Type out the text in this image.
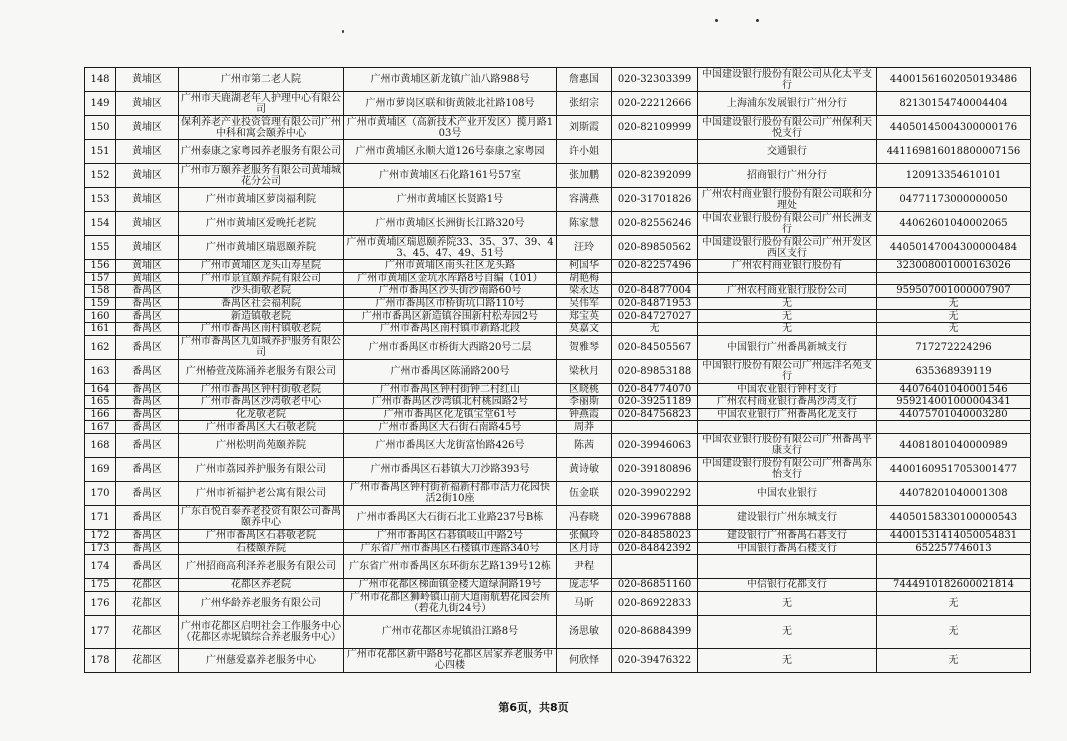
148	黄埔区	广州市第二老人院	广州市黄埔区新龙镇广汕八路988号	詹惠国	020-32303399	中国建设银行股份有限公司从化太平支行	44001561602050193486
149	黄埔区	广州市天鹿湖老年人护理中心有限公司	广州市萝岗区联和街黄陂北社路108号	张绍宗	020-22212666	上海浦东发展银行广州分行	82130154740004404
150	黄埔区	保利养老产业投资管理有限公司广州中科和寓会颐养中心	广州市黄埔区（高新技术产业开发区）揽月路103号	刘斯霞	020-82109999	中国建设银行股份有限公司广州保利天悦支行	44050145004300000176
151	黄埔区	广州泰康之家粤园养老服务有限公司	广州市黄埔区永顺大道126号泰康之家粤园	许小姐		交通银行	441169816018800007156
152	黄埔区	广州市万颐养老服务有限公司黄埔城花分公司	广州市黄埔区石化路161号57室	张加鹏	020-82392099	招商银行广州分行	120913354610101
153	黄埔区	广州市黄埔区萝岗福利院	广州市黄埔区长贤路1号	容满燕	020-31701826	广州农村商业银行股份有限公司联和分理处	04771173000000050
154	黄埔区	广州市黄埔区爱晚托老院	广州市黄埔区长洲街长江路320号	陈家慧	020-82556246	中国农业银行股份有限公司广州长洲支行	44062601040002065
155	黄埔区	广州市黄埔区瑞恩颐养院	广州市黄埔区瑞恩颐养院33、35、37、39、43、45、47、49、51号	汪玲	020-89850562	中国建设银行股份有限公司广州开发区西区支行	44050147004300000484
156	黄埔区	广州市黄埔区龙头山寿星院	广州市黄埔区南头社区龙头路	柯国华	020-82257496	广州农村商业银行股份有	323008001000163026
157	黄埔区	广州市景宜颐养院有限公司	广州市黄埔区金坑水库路8号自编（101）	胡艳梅			
158	番禺区	沙头街敬老院	广州市番禺区沙头街沙南路60号	梁永达	020-84877004	广州农村商业银行股份公司	959507001000007907
159	番禺区	番禺区社会福利院	广州市番禺区市桥街坑口路110号	吴伟军	020-84871953	无	无
160	番禺区	新造镇敬老院	广州市番禺区新造镇谷围新村松寿园2号	郑宝英	020-84727027	无	无
161	番禺区	广州市番禺区南村镇敬老院	广州市番禺区南村镇市新路北段	莫嘉文	无	无	无
162	番禺区	广州市番禺区九如城养护服务有限公司	广州市番禺区市桥街大西路20号二层	贺雅琴	020-84505567	中国银行广州番禺新城支行	717272224296
163	番禺区	广州椿萱茂陈涌养老服务有限公司	广州市番禺区陈涌路200号	梁秋月	020-89853188	中国银行股份有限公司广州远洋名苑支行	635368939119
164	番禺区	广州市番禺区钟村街敬老院	广州市番禺区钟村街钟二村红山	区晓桃	020-84774070	中国农业银行钟村支行	44076401040001546
165	番禺区	广州市番禺区沙湾敬老中心	广州市番禺区沙湾镇北村桃园路2号	李丽斯	020-39251189	广州农村商业银行番禺沙湾支行	959214001000004341
166	番禺区	化龙敬老院	广州市番禺区化龙镇宝堂61号	钟燕霞	020-84756823	中国农业银行广州番禺化龙支行	44075701040003280
167	番禺区	广州市番禺区大石敬老院	广州市番禺区大石街石南路45号	周莽			
168	番禺区	广州松明尚苑颐养院	广州市番禺区大龙街富怡路426号	陈茜	020-39946063	中国农业银行股份有限公司广州番禺平康支行	44081801040000989
169	番禺区	广州市荔园养护服务有限公司	广州市番禺区石碁镇大刀沙路393号	黄诗敏	020-39180896	中国建设银行股份有限公司广州番禺东怡支行	44001609517053001477
170	番禺区	广州市祈福护老公寓有限公司	广州市番禺区钟村街祈福新村都市活力花园快活2街10座	伍金联	020-39902292	中国农业银行	44078201040001308
171	番禺区	广东百悦百泰养老投资有限公司番禺颐养中心	广州市番禺区大石街石北工业路237号B栋	冯春晓	020-39967888	建设银行广州东城支行	44050158330100000543
172	番禺区	广州市番禺区石碁敬老院	广州市番禺区石碁镇岐山中路2号	张佩玲	020-84858023	建设银行广州番禺石碁支行	44001531414050054831
173	番禺区	石楼颐养院	广东省广州市番禺区石楼镇市莲路340号	区月诗	020-84842392	中国银行番禺石楼支行	652257746013
174	番禺区	广州招商高利泽养老服务有限公司	广东省广州市番禺区东环街东艺路139号12栋	尹程			
175	花都区	花都区养老院	广州市花都区梯面镇金楼大道绿洞路19号	庞志华	020-86851160	中信银行花都支行	7444910182600021814
176	花都区	广州华龄养老服务有限公司	广州市花都区狮岭镇山前大道南航碧花园会所（碧花九街24号）	马昕	020-86922833	无	无
177	花都区	广州市花都区启明社会工作服务中心（花都区赤坭镇综合养老服务中心）	广州市花都区赤坭镇沿江路8号	汤思敏	020-86884399	无	无
178	花都区	广州慈爱嘉养老服务中心	广州市花都区新中路8号花都区居家养老服务中心四楼	何欣怿	020-39476322	无	无
第6页，共8页
